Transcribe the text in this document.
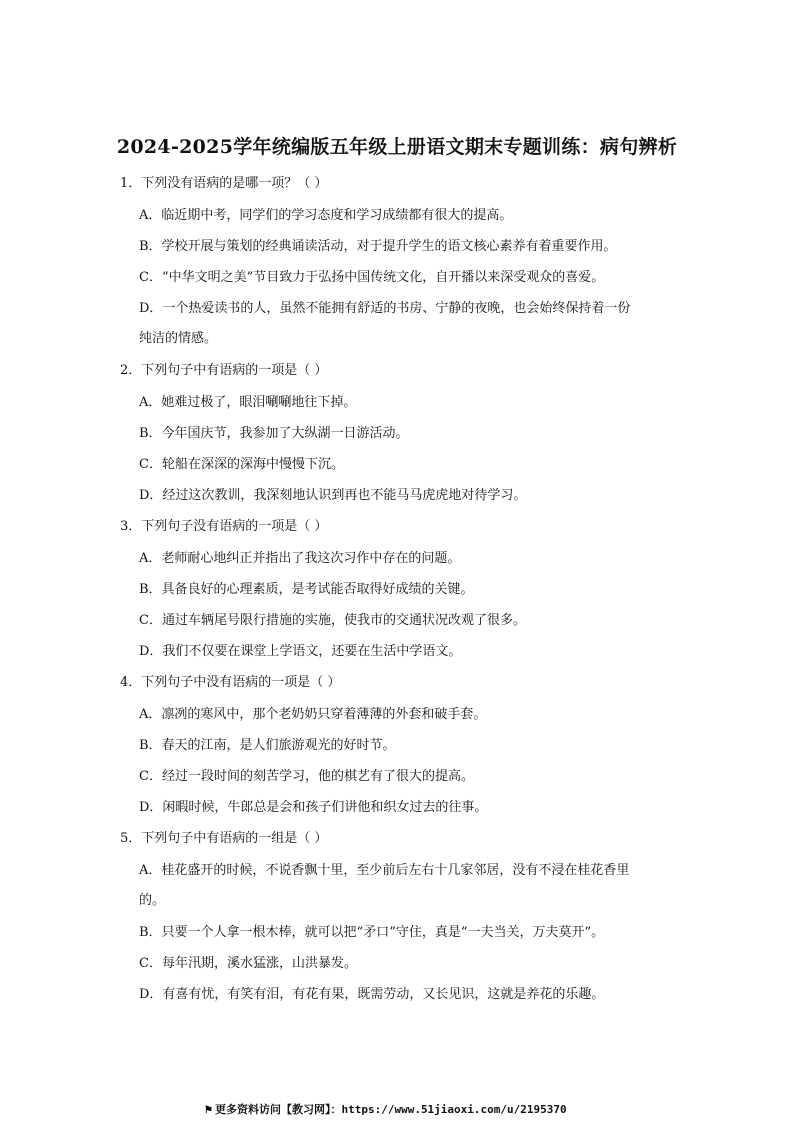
2024-2025学年统编版五年级上册语文期末专题训练：病句辨析
1．下列没有语病的是哪一项？（ ）
A．临近期中考，同学们的学习态度和学习成绩都有很大的提高。
B．学校开展与策划的经典诵读活动，对于提升学生的语文核心素养有着重要作用。
C．“中华文明之美”节目致力于弘扬中国传统文化，自开播以来深受观众的喜爱。
D．一个热爱读书的人，虽然不能拥有舒适的书房、宁静的夜晚，也会始终保持着一份
纯洁的情感。
2．下列句子中有语病的一项是（ ）
A．她难过极了，眼泪唰唰地往下掉。
B．今年国庆节，我参加了大纵湖一日游活动。
C．轮船在深深的深海中慢慢下沉。
D．经过这次教训，我深刻地认识到再也不能马马虎虎地对待学习。
3．下列句子没有语病的一项是（ ）
A．老师耐心地纠正并指出了我这次习作中存在的问题。
B．具备良好的心理素质，是考试能否取得好成绩的关键。
C．通过车辆尾号限行措施的实施，使我市的交通状况改观了很多。
D．我们不仅要在课堂上学语文，还要在生活中学语文。
4．下列句子中没有语病的一项是（ ）
A．凛冽的寒风中，那个老奶奶只穿着薄薄的外套和破手套。
B．春天的江南，是人们旅游观光的好时节。
C．经过一段时间的刻苦学习，他的棋艺有了很大的提高。
D．闲暇时候，牛郎总是会和孩子们讲他和织女过去的往事。
5．下列句子中有语病的一组是（ ）
A．桂花盛开的时候，不说香飘十里，至少前后左右十几家邻居，没有不浸在桂花香里
的。
B．只要一个人拿一根木棒，就可以把“矛口”守住，真是“一夫当关，万夫莫开”。
C．每年汛期，溪水猛涨，山洪暴发。
D．有喜有忧，有笑有泪，有花有果，既需劳动，又长见识，这就是养花的乐趣。
⚑ 更多资料访问【教习网】：https://www.51jiaoxi.com/u/2195370
